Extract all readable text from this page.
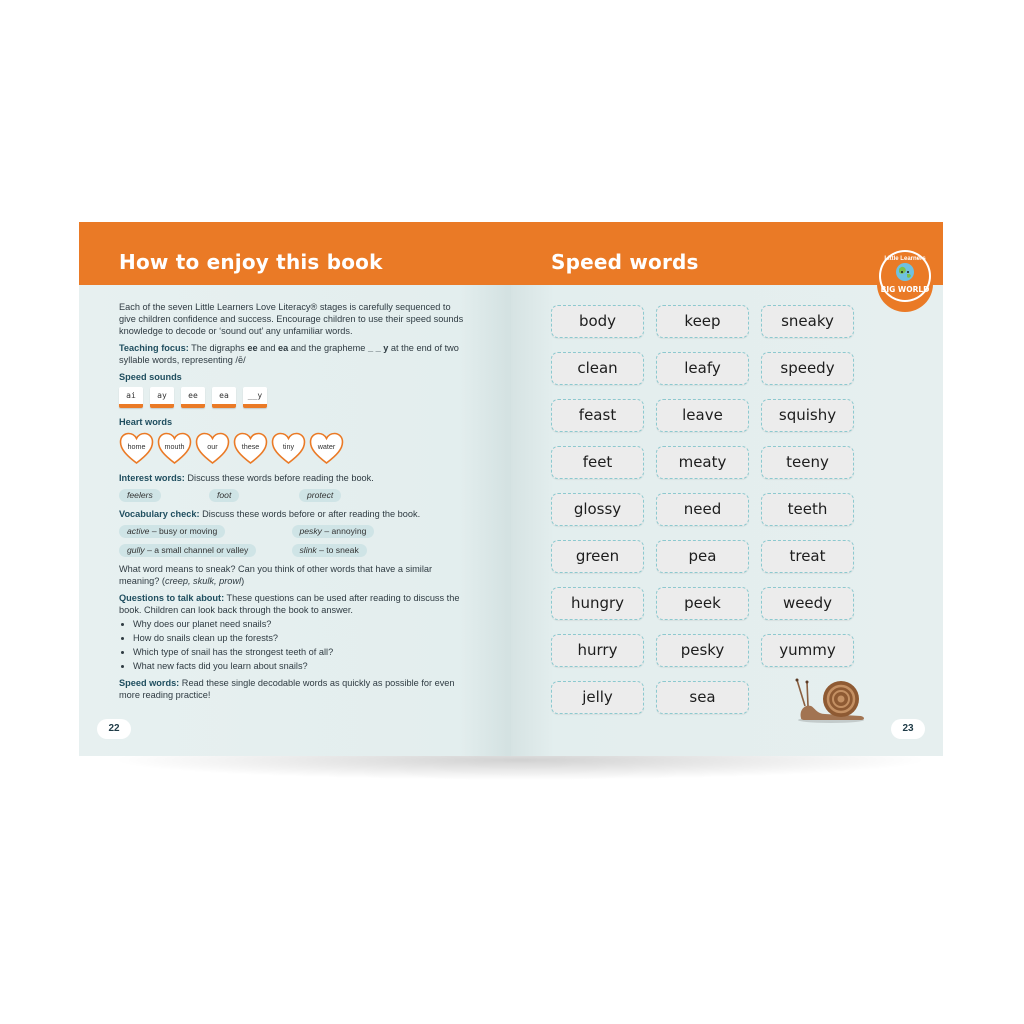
How to enjoy this book

Each of the seven Little Learners Love Literacy® stages is carefully sequenced to give children confidence and success. Encourage children to use their speed sounds knowledge to decode or ‘sound out’ any unfamiliar words.

Teaching focus: The digraphs ee and ea and the grapheme _ _ y at the end of two syllable words, representing /ē/

Speed sounds
ai	ay	ee	ea	__y
Heart words
home	mouth	our	these	tiny	water

Interest words: Discuss these words before reading the book.

feelers	foot	protect

Vocabulary check: Discuss these words before or after reading the book.

active – busy or moving	pesky – annoying
gully – a small channel or valley	slink – to sneak

What word means to sneak? Can you think of other words that have a similar meaning? (creep, skulk, prowl)

Questions to talk about: These questions can be used after reading to discuss the book. Children can look back through the book to answer.

• Why does our planet need snails?
• How do snails clean up the forests?
• Which type of snail has the strongest teeth of all?
• What new facts did you learn about snails?

Speed words: Read these single decodable words as quickly as possible for even more reading practice!

22
Speed words	Little Learners
BIG WORLD
body	keep	sneaky
clean	leafy	speedy
feast	leave	squishy
feet	meaty	teeny
glossy	need	teeth
green	pea	treat
hungry	peek	weedy
hurry	pesky	yummy
jelly	sea
23
